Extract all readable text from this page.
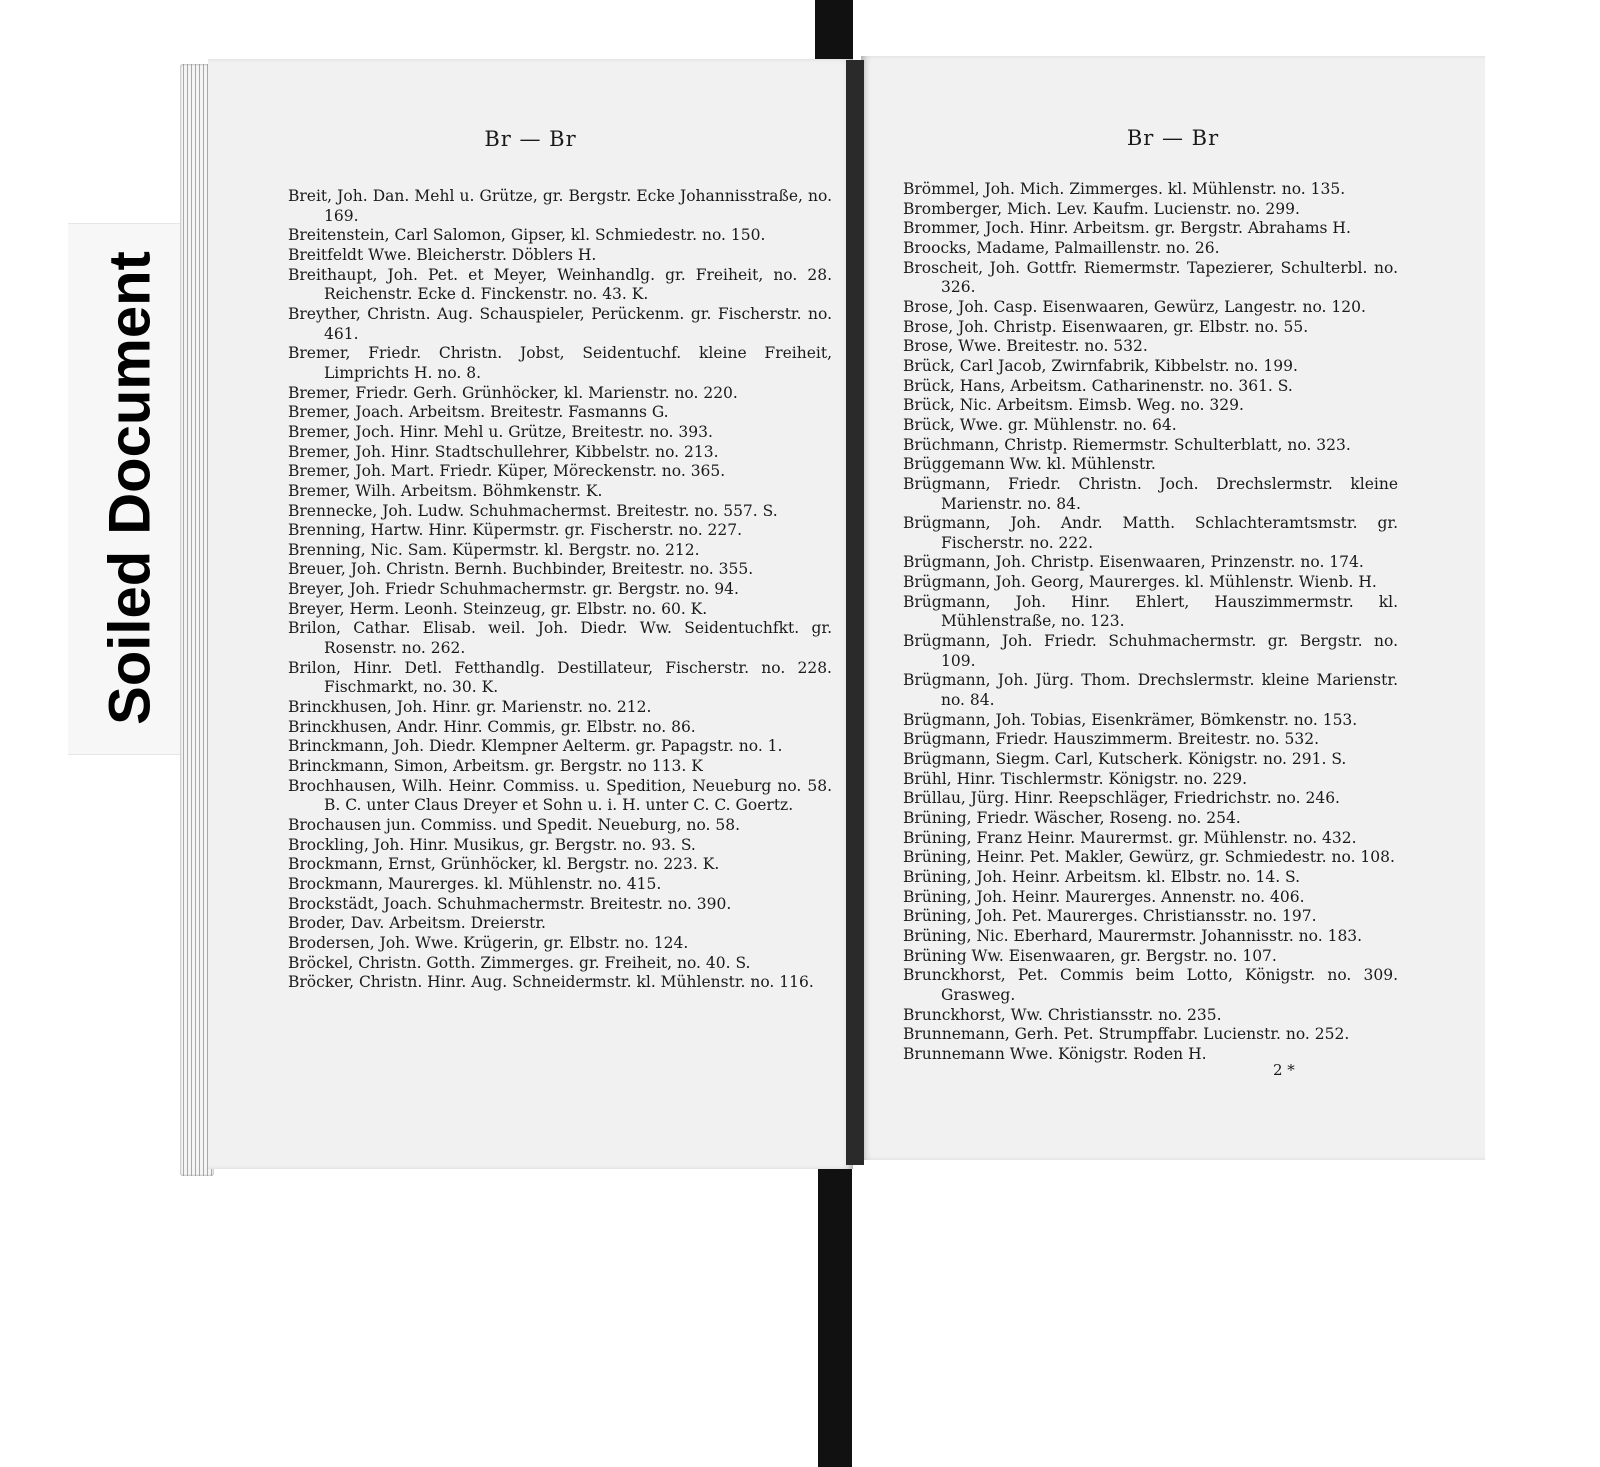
Soiled Document
Br — Br
Breit, Joh. Dan. Mehl u. Grütze, gr. Bergstr. Ecke Johannisstraße, no. 169.
Breitenstein, Carl Salomon, Gipser, kl. Schmiedestr. no. 150.
Breitfeldt Wwe. Bleicherstr. Döblers H.
Breithaupt, Joh. Pet. et Meyer, Weinhandlg. gr. Freiheit, no. 28. Reichenstr. Ecke d. Finckenstr. no. 43. K.
Breyther, Christn. Aug. Schauspieler, Perückenm. gr. Fischerstr. no. 461.
Bremer, Friedr. Christn. Jobst, Seidentuchf. kleine Freiheit, Limprichts H. no. 8.
Bremer, Friedr. Gerh. Grünhöcker, kl. Marienstr. no. 220.
Bremer, Joach. Arbeitsm. Breitestr. Fasmanns G.
Bremer, Joch. Hinr. Mehl u. Grütze, Breitestr. no. 393.
Bremer, Joh. Hinr. Stadtschullehrer, Kibbelstr. no. 213.
Bremer, Joh. Mart. Friedr. Küper, Möreckenstr. no. 365.
Bremer, Wilh. Arbeitsm. Böhmkenstr. K.
Brennecke, Joh. Ludw. Schuhmachermst. Breitestr. no. 557. S.
Brenning, Hartw. Hinr. Küpermstr. gr. Fischerstr. no. 227.
Brenning, Nic. Sam. Küpermstr. kl. Bergstr. no. 212.
Breuer, Joh. Christn. Bernh. Buchbinder, Breitestr. no. 355.
Breyer, Joh. Friedr Schuhmachermstr. gr. Bergstr. no. 94.
Breyer, Herm. Leonh. Steinzeug, gr. Elbstr. no. 60. K.
Brilon, Cathar. Elisab. weil. Joh. Diedr. Ww. Seidentuchfkt. gr. Rosenstr. no. 262.
Brilon, Hinr. Detl. Fetthandlg. Destillateur, Fischerstr. no. 228. Fischmarkt, no. 30. K.
Brinckhusen, Joh. Hinr. gr. Marienstr. no. 212.
Brinckhusen, Andr. Hinr. Commis, gr. Elbstr. no. 86.
Brinckmann, Joh. Diedr. Klempner Aelterm. gr. Papagstr. no. 1.
Brinckmann, Simon, Arbeitsm. gr. Bergstr. no 113. K
Brochhausen, Wilh. Heinr. Commiss. u. Spedition, Neueburg no. 58. B. C. unter Claus Dreyer et Sohn u. i. H. unter C. C. Goertz.
Brochausen jun. Commiss. und Spedit. Neueburg, no. 58.
Brockling, Joh. Hinr. Musikus, gr. Bergstr. no. 93. S.
Brockmann, Ernst, Grünhöcker, kl. Bergstr. no. 223. K.
Brockmann, Maurerges. kl. Mühlenstr. no. 415.
Brockstädt, Joach. Schuhmachermstr. Breitestr. no. 390.
Broder, Dav. Arbeitsm. Dreierstr.
Brodersen, Joh. Wwe. Krügerin, gr. Elbstr. no. 124.
Bröckel, Christn. Gotth. Zimmerges. gr. Freiheit, no. 40. S.
Bröcker, Christn. Hinr. Aug. Schneidermstr. kl. Mühlenstr. no. 116.
Br — Br
Brömmel, Joh. Mich. Zimmerges. kl. Mühlenstr. no. 135.
Bromberger, Mich. Lev. Kaufm. Lucienstr. no. 299.
Brommer, Joch. Hinr. Arbeitsm. gr. Bergstr. Abrahams H.
Broocks, Madame, Palmaillenstr. no. 26.
Broscheit, Joh. Gottfr. Riemermstr. Tapezierer, Schulterbl. no. 326.
Brose, Joh. Casp. Eisenwaaren, Gewürz, Langestr. no. 120.
Brose, Joh. Christp. Eisenwaaren, gr. Elbstr. no. 55.
Brose, Wwe. Breitestr. no. 532.
Brück, Carl Jacob, Zwirnfabrik, Kibbelstr. no. 199.
Brück, Hans, Arbeitsm. Catharinenstr. no. 361. S.
Brück, Nic. Arbeitsm. Eimsb. Weg. no. 329.
Brück, Wwe. gr. Mühlenstr. no. 64.
Brüchmann, Christp. Riemermstr. Schulterblatt, no. 323.
Brüggemann Ww. kl. Mühlenstr.
Brügmann, Friedr. Christn. Joch. Drechslermstr. kleine Marienstr. no. 84.
Brügmann, Joh. Andr. Matth. Schlachteramtsmstr. gr. Fischerstr. no. 222.
Brügmann, Joh. Christp. Eisenwaaren, Prinzenstr. no. 174.
Brügmann, Joh. Georg, Maurerges. kl. Mühlenstr. Wienb. H.
Brügmann, Joh. Hinr. Ehlert, Hauszimmermstr. kl. Mühlenstraße, no. 123.
Brügmann, Joh. Friedr. Schuhmachermstr. gr. Bergstr. no. 109.
Brügmann, Joh. Jürg. Thom. Drechslermstr. kleine Marienstr. no. 84.
Brügmann, Joh. Tobias, Eisenkrämer, Bömkenstr. no. 153.
Brügmann, Friedr. Hauszimmerm. Breitestr. no. 532.
Brügmann, Siegm. Carl, Kutscherk. Königstr. no. 291. S.
Brühl, Hinr. Tischlermstr. Königstr. no. 229.
Brüllau, Jürg. Hinr. Reepschläger, Friedrichstr. no. 246.
Brüning, Friedr. Wäscher, Roseng. no. 254.
Brüning, Franz Heinr. Maurermst. gr. Mühlenstr. no. 432.
Brüning, Heinr. Pet. Makler, Gewürz, gr. Schmiedestr. no. 108.
Brüning, Joh. Heinr. Arbeitsm. kl. Elbstr. no. 14. S.
Brüning, Joh. Heinr. Maurerges. Annenstr. no. 406.
Brüning, Joh. Pet. Maurerges. Christiansstr. no. 197.
Brüning, Nic. Eberhard, Maurermstr. Johannisstr. no. 183.
Brüning Ww. Eisenwaaren, gr. Bergstr. no. 107.
Brunckhorst, Pet. Commis beim Lotto, Königstr. no. 309. Grasweg.
Brunckhorst, Ww. Christiansstr. no. 235.
Brunnemann, Gerh. Pet. Strumpffabr. Lucienstr. no. 252.
Brunnemann Wwe. Königstr. Roden H.
2 *
